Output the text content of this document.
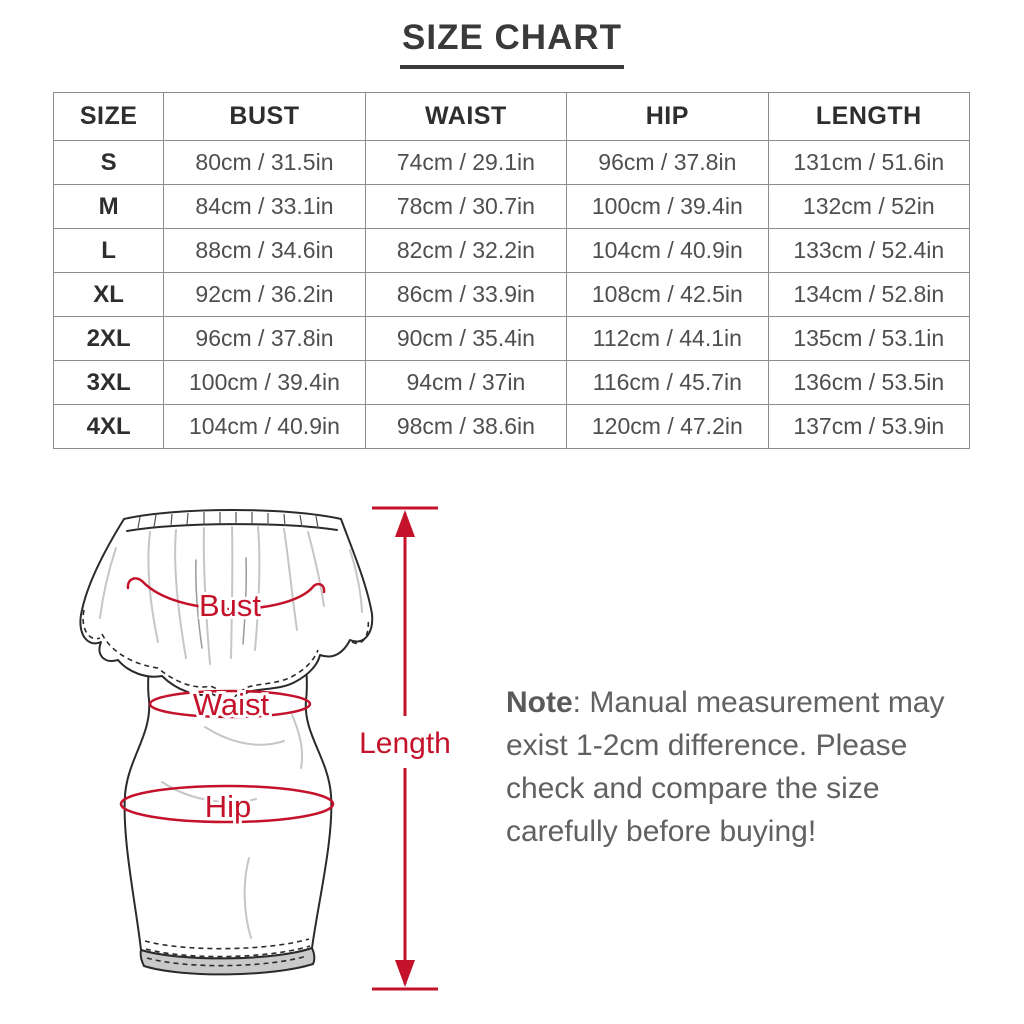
SIZE CHART
SIZE	BUST	WAIST	HIP	LENGTH
S	80cm / 31.5in	74cm / 29.1in	96cm / 37.8in	131cm / 51.6in
M	84cm / 33.1in	78cm / 30.7in	100cm / 39.4in	132cm / 52in
L	88cm / 34.6in	82cm / 32.2in	104cm / 40.9in	133cm / 52.4in
XL	92cm / 36.2in	86cm / 33.9in	108cm / 42.5in	134cm / 52.8in
2XL	96cm / 37.8in	90cm / 35.4in	112cm / 44.1in	135cm / 53.1in
3XL	100cm / 39.4in	94cm / 37in	116cm / 45.7in	136cm / 53.5in
4XL	104cm / 40.9in	98cm / 38.6in	120cm / 47.2in	137cm / 53.9in
Bust
Waist
Hip
Length
Note: Manual measurement may
exist 1-2cm difference. Please
check and compare the size
carefully before buying!
